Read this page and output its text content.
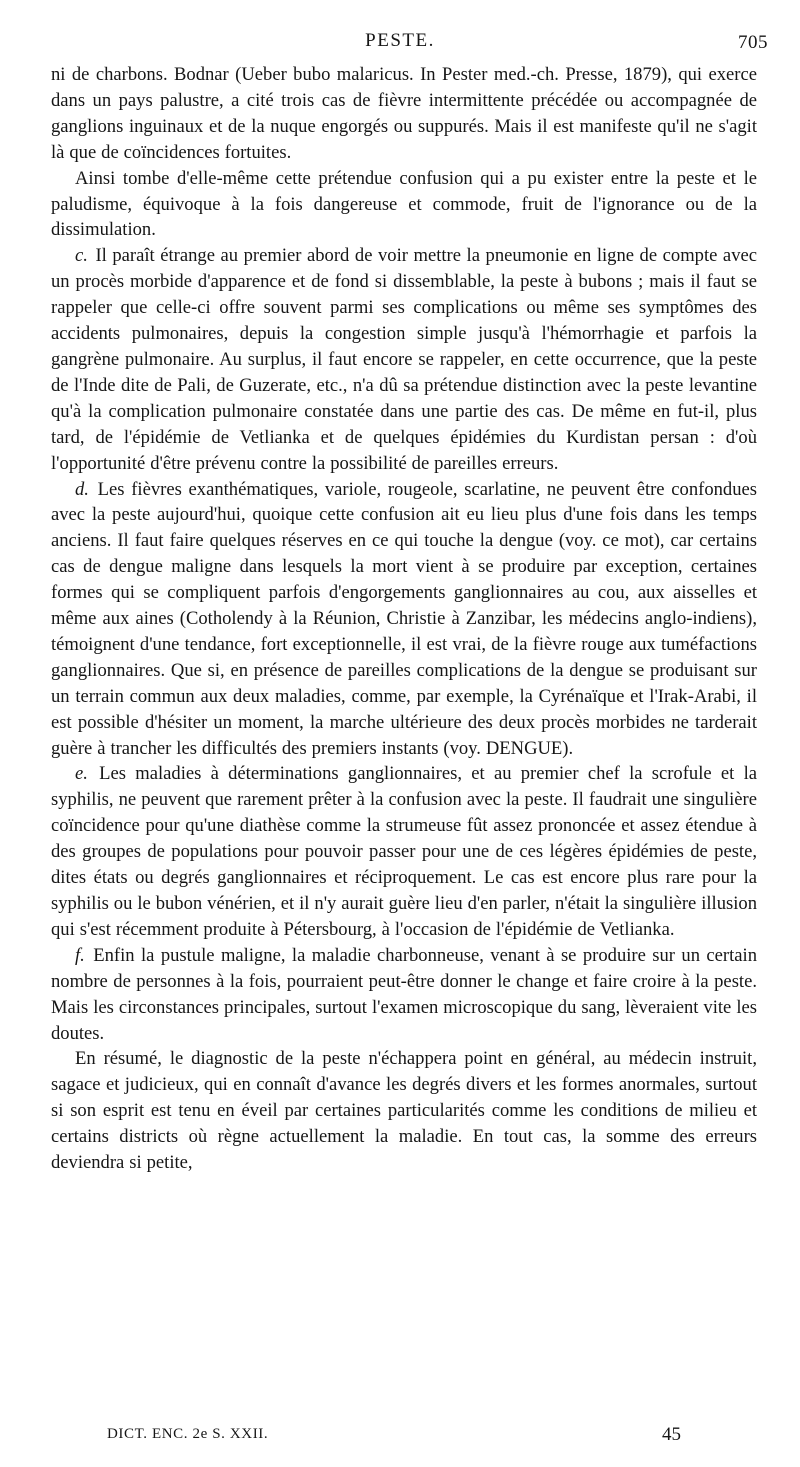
PESTE.	705

ni de charbons. Bodnar (Ueber bubo malaricus. In Pester med.-ch. Presse, 1879), qui exerce dans un pays palustre, a cité trois cas de fièvre intermittente précédée ou accompagnée de ganglions inguinaux et de la nuque engorgés ou suppurés. Mais il est manifeste qu'il ne s'agit là que de coïncidences fortuites.

Ainsi tombe d'elle-même cette prétendue confusion qui a pu exister entre la peste et le paludisme, équivoque à la fois dangereuse et commode, fruit de l'ignorance ou de la dissimulation.

c. Il paraît étrange au premier abord de voir mettre la pneumonie en ligne de compte avec un procès morbide d'apparence et de fond si dissemblable, la peste à bubons ; mais il faut se rappeler que celle-ci offre souvent parmi ses complications ou même ses symptômes des accidents pulmonaires, depuis la congestion simple jusqu'à l'hémorrhagie et parfois la gangrène pulmonaire. Au surplus, il faut encore se rappeler, en cette occurrence, que la peste de l'Inde dite de Pali, de Guzerate, etc., n'a dû sa prétendue distinction avec la peste levantine qu'à la complication pulmonaire constatée dans une partie des cas. De même en fut-il, plus tard, de l'épidémie de Vetlianka et de quelques épidémies du Kurdistan persan : d'où l'opportunité d'être prévenu contre la possibilité de pareilles erreurs.

d. Les fièvres exanthématiques, variole, rougeole, scarlatine, ne peuvent être confondues avec la peste aujourd'hui, quoique cette confusion ait eu lieu plus d'une fois dans les temps anciens. Il faut faire quelques réserves en ce qui touche la dengue (voy. ce mot), car certains cas de dengue maligne dans lesquels la mort vient à se produire par exception, certaines formes qui se compliquent parfois d'engorgements ganglionnaires au cou, aux aisselles et même aux aines (Cotholendy à la Réunion, Christie à Zanzibar, les médecins anglo-indiens), témoignent d'une tendance, fort exceptionnelle, il est vrai, de la fièvre rouge aux tuméfactions ganglionnaires. Que si, en présence de pareilles complications de la dengue se produisant sur un terrain commun aux deux maladies, comme, par exemple, la Cyrénaïque et l'Irak-Arabi, il est possible d'hésiter un moment, la marche ultérieure des deux procès morbides ne tarderait guère à trancher les difficultés des premiers instants (voy. DENGUE).

e. Les maladies à déterminations ganglionnaires, et au premier chef la scrofule et la syphilis, ne peuvent que rarement prêter à la confusion avec la peste. Il faudrait une singulière coïncidence pour qu'une diathèse comme la strumeuse fût assez prononcée et assez étendue à des groupes de populations pour pouvoir passer pour une de ces légères épidémies de peste, dites états ou degrés ganglionnaires et réciproquement. Le cas est encore plus rare pour la syphilis ou le bubon vénérien, et il n'y aurait guère lieu d'en parler, n'était la singulière illusion qui s'est récemment produite à Pétersbourg, à l'occasion de l'épidémie de Vetlianka.

f. Enfin la pustule maligne, la maladie charbonneuse, venant à se produire sur un certain nombre de personnes à la fois, pourraient peut-être donner le change et faire croire à la peste. Mais les circonstances principales, surtout l'examen microscopique du sang, lèveraient vite les doutes.

En résumé, le diagnostic de la peste n'échappera point en général, au médecin instruit, sagace et judicieux, qui en connaît d'avance les degrés divers et les formes anormales, surtout si son esprit est tenu en éveil par certaines particularités comme les conditions de milieu et certains districts où règne actuellement la maladie. En tout cas, la somme des erreurs deviendra si petite,

DICT. ENC. 2e S. XXII.	45
